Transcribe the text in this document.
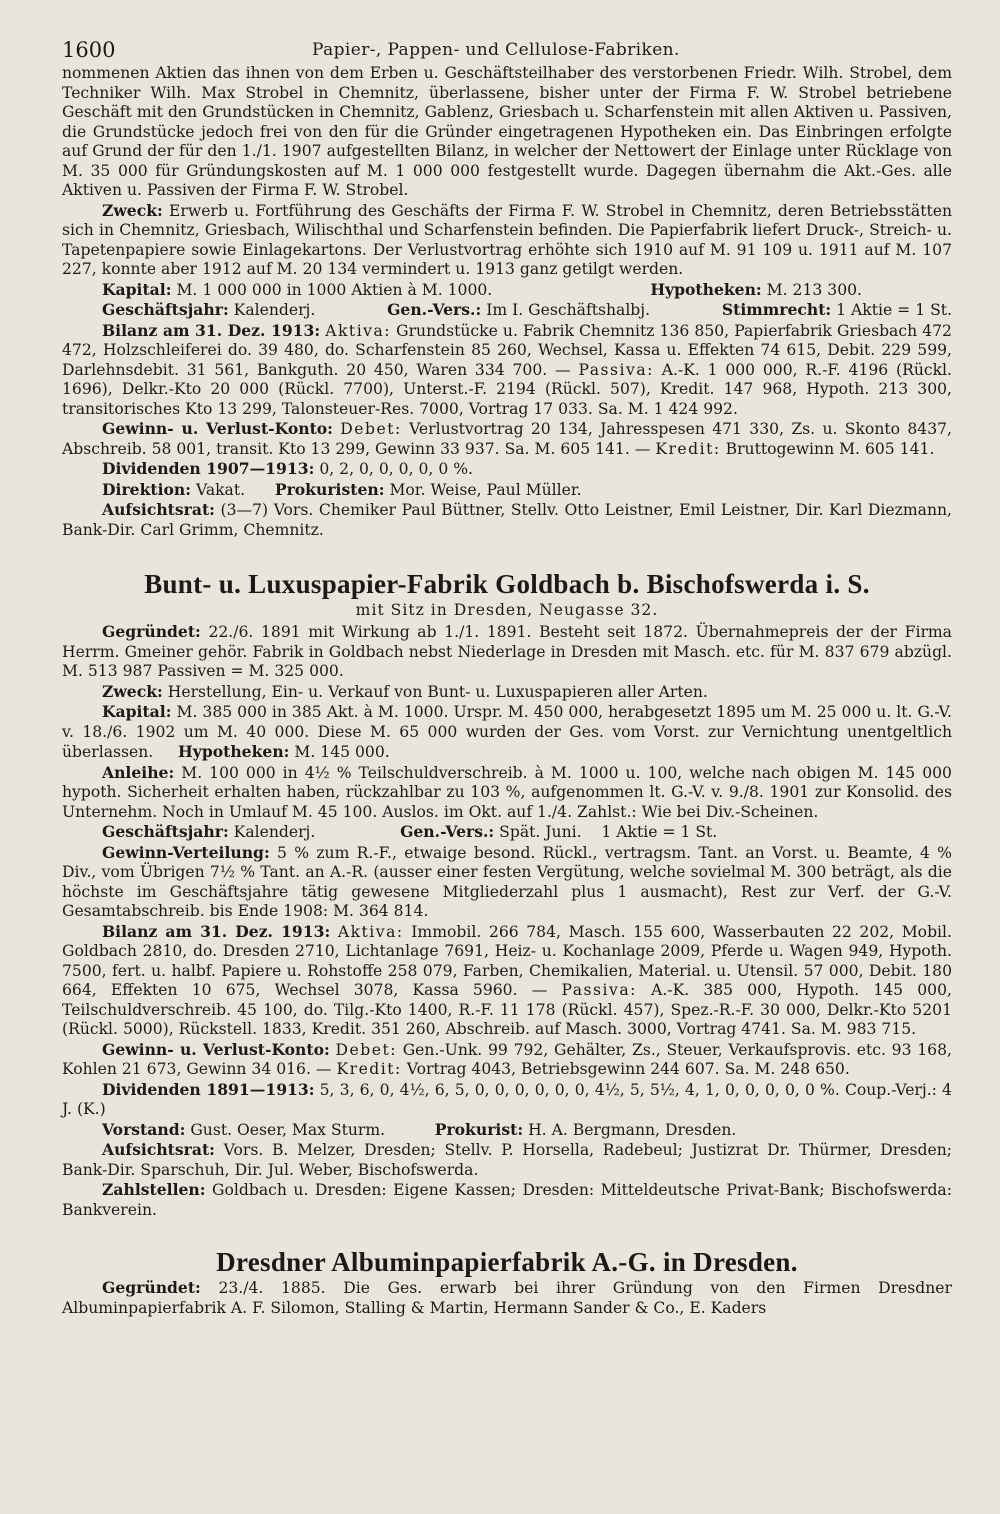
1600	Papier-, Pappen- und Cellulose-Fabriken.

nommenen Aktien das ihnen von dem Erben u. Geschäftsteilhaber des verstorbenen Friedr. Wilh. Strobel, dem Techniker Wilh. Max Strobel in Chemnitz, überlassene, bisher unter der Firma F. W. Strobel betriebene Geschäft mit den Grundstücken in Chemnitz, Gablenz, Griesbach u. Scharfenstein mit allen Aktiven u. Passiven, die Grundstücke jedoch frei von den für die Gründer eingetragenen Hypotheken ein. Das Einbringen erfolgte auf Grund der für den 1./1. 1907 aufgestellten Bilanz, in welcher der Nettowert der Einlage unter Rücklage von M. 35 000 für Gründungskosten auf M. 1 000 000 festgestellt wurde. Dagegen übernahm die Akt.-Ges. alle Aktiven u. Passiven der Firma F. W. Strobel.

Zweck: Erwerb u. Fortführung des Geschäfts der Firma F. W. Strobel in Chemnitz, deren Betriebsstätten sich in Chemnitz, Griesbach, Wilischthal und Scharfenstein befinden. Die Papierfabrik liefert Druck-, Streich- u. Tapetenpapiere sowie Einlagekartons. Der Verlustvortrag erhöhte sich 1910 auf M. 91 109 u. 1911 auf M. 107 227, konnte aber 1912 auf M. 20 134 vermindert u. 1913 ganz getilgt werden.

Kapital: M. 1 000 000 in 1000 Aktien à M. 1000.	Hypotheken: M. 213 300.
Geschäftsjahr: Kalenderj.	Gen.-Vers.: Im I. Geschäftshalbj.	Stimmrecht: 1 Aktie = 1 St.

Bilanz am 31. Dez. 1913: Aktiva: Grundstücke u. Fabrik Chemnitz 136 850, Papierfabrik Griesbach 472 472, Holzschleiferei do. 39 480, do. Scharfenstein 85 260, Wechsel, Kassa u. Effekten 74 615, Debit. 229 599, Darlehnsdebit. 31 561, Bankguth. 20 450, Waren 334 700. — Passiva: A.-K. 1 000 000, R.-F. 4196 (Rückl. 1696), Delkr.-Kto 20 000 (Rückl. 7700), Unterst.-F. 2194 (Rückl. 507), Kredit. 147 968, Hypoth. 213 300, transitorisches Kto 13 299, Talonsteuer-Res. 7000, Vortrag 17 033. Sa. M. 1 424 992.

Gewinn- u. Verlust-Konto: Debet: Verlustvortrag 20 134, Jahresspesen 471 330, Zs. u. Skonto 8437, Abschreib. 58 001, transit. Kto 13 299, Gewinn 33 937. Sa. M. 605 141. — Kredit: Bruttogewinn M. 605 141.

Dividenden 1907—1913: 0, 2, 0, 0, 0, 0, 0 %.

Direktion: Vakat. Prokuristen: Mor. Weise, Paul Müller.

Aufsichtsrat: (3—7) Vors. Chemiker Paul Büttner, Stellv. Otto Leistner, Emil Leistner, Dir. Karl Diezmann, Bank-Dir. Carl Grimm, Chemnitz.

Bunt- u. Luxuspapier-Fabrik Goldbach b. Bischofswerda i. S.

mit Sitz in Dresden, Neugasse 32.

Gegründet: 22./6. 1891 mit Wirkung ab 1./1. 1891. Besteht seit 1872. Übernahmepreis der der Firma Herrm. Gmeiner gehör. Fabrik in Goldbach nebst Niederlage in Dresden mit Masch. etc. für M. 837 679 abzügl. M. 513 987 Passiven = M. 325 000.

Zweck: Herstellung, Ein- u. Verkauf von Bunt- u. Luxuspapieren aller Arten.

Kapital: M. 385 000 in 385 Akt. à M. 1000. Urspr. M. 450 000, herabgesetzt 1895 um M. 25 000 u. lt. G.-V. v. 18./6. 1902 um M. 40 000. Diese M. 65 000 wurden der Ges. vom Vorst. zur Vernichtung unentgeltlich überlassen. Hypotheken: M. 145 000.

Anleihe: M. 100 000 in 4½ % Teilschuldverschreib. à M. 1000 u. 100, welche nach obigen M. 145 000 hypoth. Sicherheit erhalten haben, rückzahlbar zu 103 %, aufgenommen lt. G.-V. v. 9./8. 1901 zur Konsolid. des Unternehm. Noch in Umlauf M. 45 100. Auslos. im Okt. auf 1./4. Zahlst.: Wie bei Div.-Scheinen.

Geschäftsjahr: Kalenderj.	Gen.-Vers.: Spät. Juni. 1 Aktie = 1 St.

Gewinn-Verteilung: 5 % zum R.-F., etwaige besond. Rückl., vertragsm. Tant. an Vorst. u. Beamte, 4 % Div., vom Übrigen 7½ % Tant. an A.-R. (ausser einer festen Vergütung, welche sovielmal M. 300 beträgt, als die höchste im Geschäftsjahre tätig gewesene Mitgliederzahl plus 1 ausmacht), Rest zur Verf. der G.-V. Gesamtabschreib. bis Ende 1908: M. 364 814.

Bilanz am 31. Dez. 1913: Aktiva: Immobil. 266 784, Masch. 155 600, Wasserbauten 22 202, Mobil. Goldbach 2810, do. Dresden 2710, Lichtanlage 7691, Heiz- u. Kochanlage 2009, Pferde u. Wagen 949, Hypoth. 7500, fert. u. halbf. Papiere u. Rohstoffe 258 079, Farben, Chemikalien, Material. u. Utensil. 57 000, Debit. 180 664, Effekten 10 675, Wechsel 3078, Kassa 5960. — Passiva: A.-K. 385 000, Hypoth. 145 000, Teilschuldverschreib. 45 100, do. Tilg.-Kto 1400, R.-F. 11 178 (Rückl. 457), Spez.-R.-F. 30 000, Delkr.-Kto 5201 (Rückl. 5000), Rückstell. 1833, Kredit. 351 260, Abschreib. auf Masch. 3000, Vortrag 4741. Sa. M. 983 715.

Gewinn- u. Verlust-Konto: Debet: Gen.-Unk. 99 792, Gehälter, Zs., Steuer, Verkaufsprovis. etc. 93 168, Kohlen 21 673, Gewinn 34 016. — Kredit: Vortrag 4043, Betriebsgewinn 244 607. Sa. M. 248 650.

Dividenden 1891—1913: 5, 3, 6, 0, 4½, 6, 5, 0, 0, 0, 0, 0, 0, 4½, 5, 5½, 4, 1, 0, 0, 0, 0, 0 %. Coup.-Verj.: 4 J. (K.)

Vorstand: Gust. Oeser, Max Sturm.	Prokurist: H. A. Bergmann, Dresden.

Aufsichtsrat: Vors. B. Melzer, Dresden; Stellv. P. Horsella, Radebeul; Justizrat Dr. Thürmer, Dresden; Bank-Dir. Sparschuh, Dir. Jul. Weber, Bischofswerda.

Zahlstellen: Goldbach u. Dresden: Eigene Kassen; Dresden: Mitteldeutsche Privat-Bank; Bischofswerda: Bankverein.

Dresdner Albuminpapierfabrik A.-G. in Dresden.

Gegründet: 23./4. 1885. Die Ges. erwarb bei ihrer Gründung von den Firmen Dresdner Albuminpapierfabrik A. F. Silomon, Stalling & Martin, Hermann Sander & Co., E. Kaders
